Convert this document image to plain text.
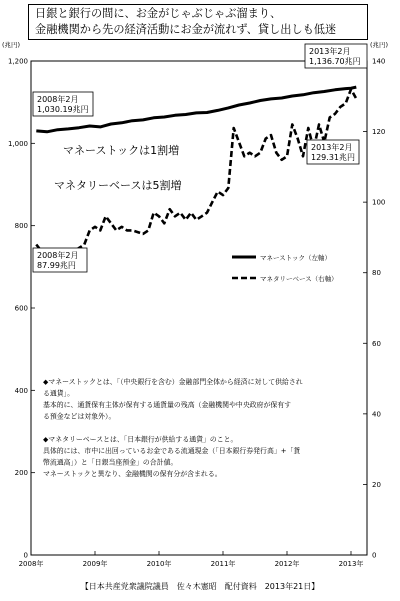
日銀と銀行の間に、お金がじゃぶじゃぶ溜まり、
金融機関から先の経済活動にお金が流れず、貸し出しも低迷
0
200
400
600
800
1,000
1,200
(兆円)
0
20
40
60
80
100
120
140
(兆円)
2008年	2009年	2010年	2011年	2012年	2013年
2008年2月
1,030.19兆円
2013年2月
1,136.70兆円
2008年2月
87.99兆円
2013年2月
129.31兆円
マネーストックは1割増
マネタリーベースは5割増
マネーストック（左軸）
マネタリーベース（右軸）
◆マネーストックとは、「（中央銀行を含む）金融部門全体から経済に対して供給され
る通貨」。
基本的に、通貨保有主体が保有する通貨量の残高（金融機関や中央政府が保有す
る預金などは対象外）。
◆マネタリーベースとは、「日本銀行が供給する通貨」のこと。
具体的には、市中に出回っているお金である流通現金（「日本銀行券発行高」+「貨
幣流通高」）と「日銀当座預金」の合計値。
マネーストックと異なり、金融機関の保有分が含まれる。
【日本共産党衆議院議員　佐々木憲昭　配付資料　2013年21日】
